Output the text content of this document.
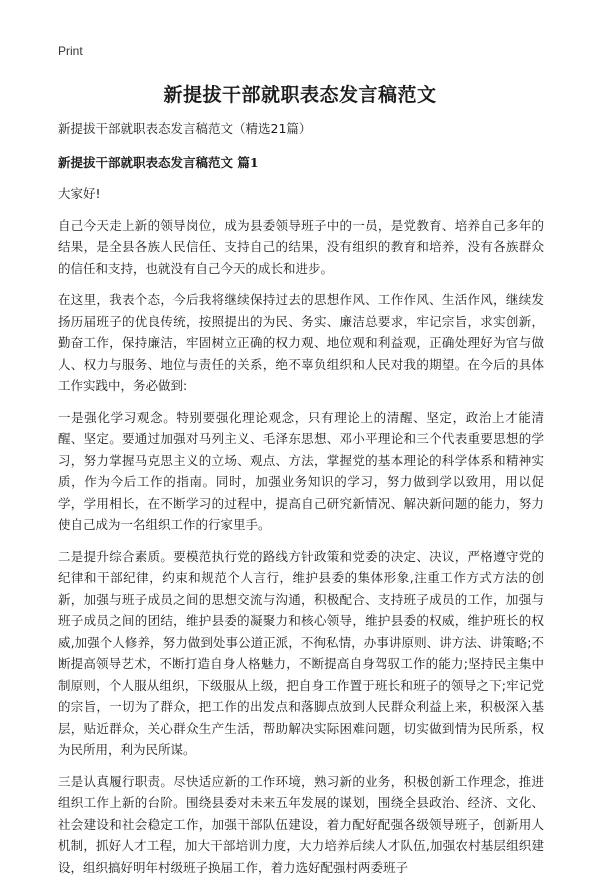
Print
新提拔干部就职表态发言稿范文

新提拔干部就职表态发言稿范文（精选21篇）

新提拔干部就职表态发言稿范文 篇1

大家好!

自己今天走上新的领导岗位，成为县委领导班子中的一员，是党教育、培养自己多年的结果，是全县各族人民信任、支持自己的结果，没有组织的教育和培养，没有各族群众的信任和支持，也就没有自己今天的成长和进步。

在这里，我表个态，今后我将继续保持过去的思想作风、工作作风、生活作风，继续发扬历届班子的优良传统，按照提出的为民、务实、廉洁总要求，牢记宗旨，求实创新，勤奋工作，保持廉洁，牢固树立正确的权力观、地位观和利益观，正确处理好为官与做人、权力与服务、地位与责任的关系，绝不辜负组织和人民对我的期望。在今后的具体工作实践中，务必做到:

一是强化学习观念。特别要强化理论观念，只有理论上的清醒、坚定，政治上才能清醒、坚定。要通过加强对马列主义、毛泽东思想、邓小平理论和三个代表重要思想的学习，努力掌握马克思主义的立场、观点、方法，掌握党的基本理论的科学体系和精神实质，作为今后工作的指南。同时，加强业务知识的学习，努力做到学以致用，用以促学，学用相长，在不断学习的过程中，提高自己研究新情况、解决新问题的能力，努力使自己成为一名组织工作的行家里手。

二是提升综合素质。要模范执行党的路线方针政策和党委的决定、决议，严格遵守党的纪律和干部纪律，约束和规范个人言行，维护县委的集体形象,注重工作方式方法的创新，加强与班子成员之间的思想交流与沟通，积极配合、支持班子成员的工作，加强与班子成员之间的团结，维护县委的凝聚力和核心领导，维护县委的权威，维护班长的权威,加强个人修养，努力做到处事公道正派，不徇私情，办事讲原则、讲方法、讲策略;不断提高领导艺术，不断打造自身人格魅力，不断提高自身驾驭工作的能力;坚持民主集中制原则，个人服从组织，下级服从上级，把自身工作置于班长和班子的领导之下;牢记党的宗旨，一切为了群众，把工作的出发点和落脚点放到人民群众利益上来，积极深入基层，贴近群众，关心群众生产生活，帮助解决实际困难问题，切实做到情为民所系，权为民所用，利为民所谋。

三是认真履行职责。尽快适应新的工作环境，熟习新的业务，积极创新工作理念，推进组织工作上新的台阶。围绕县委对未来五年发展的谋划，围绕全县政治、经济、文化、社会建设和社会稳定工作，加强干部队伍建设，着力配好配强各级领导班子，创新用人机制，抓好人才工程，加大干部培训力度，大力培养后续人才队伍,加强农村基层组织建设，组织搞好明年村级班子换届工作，着力选好配强村两委班子
